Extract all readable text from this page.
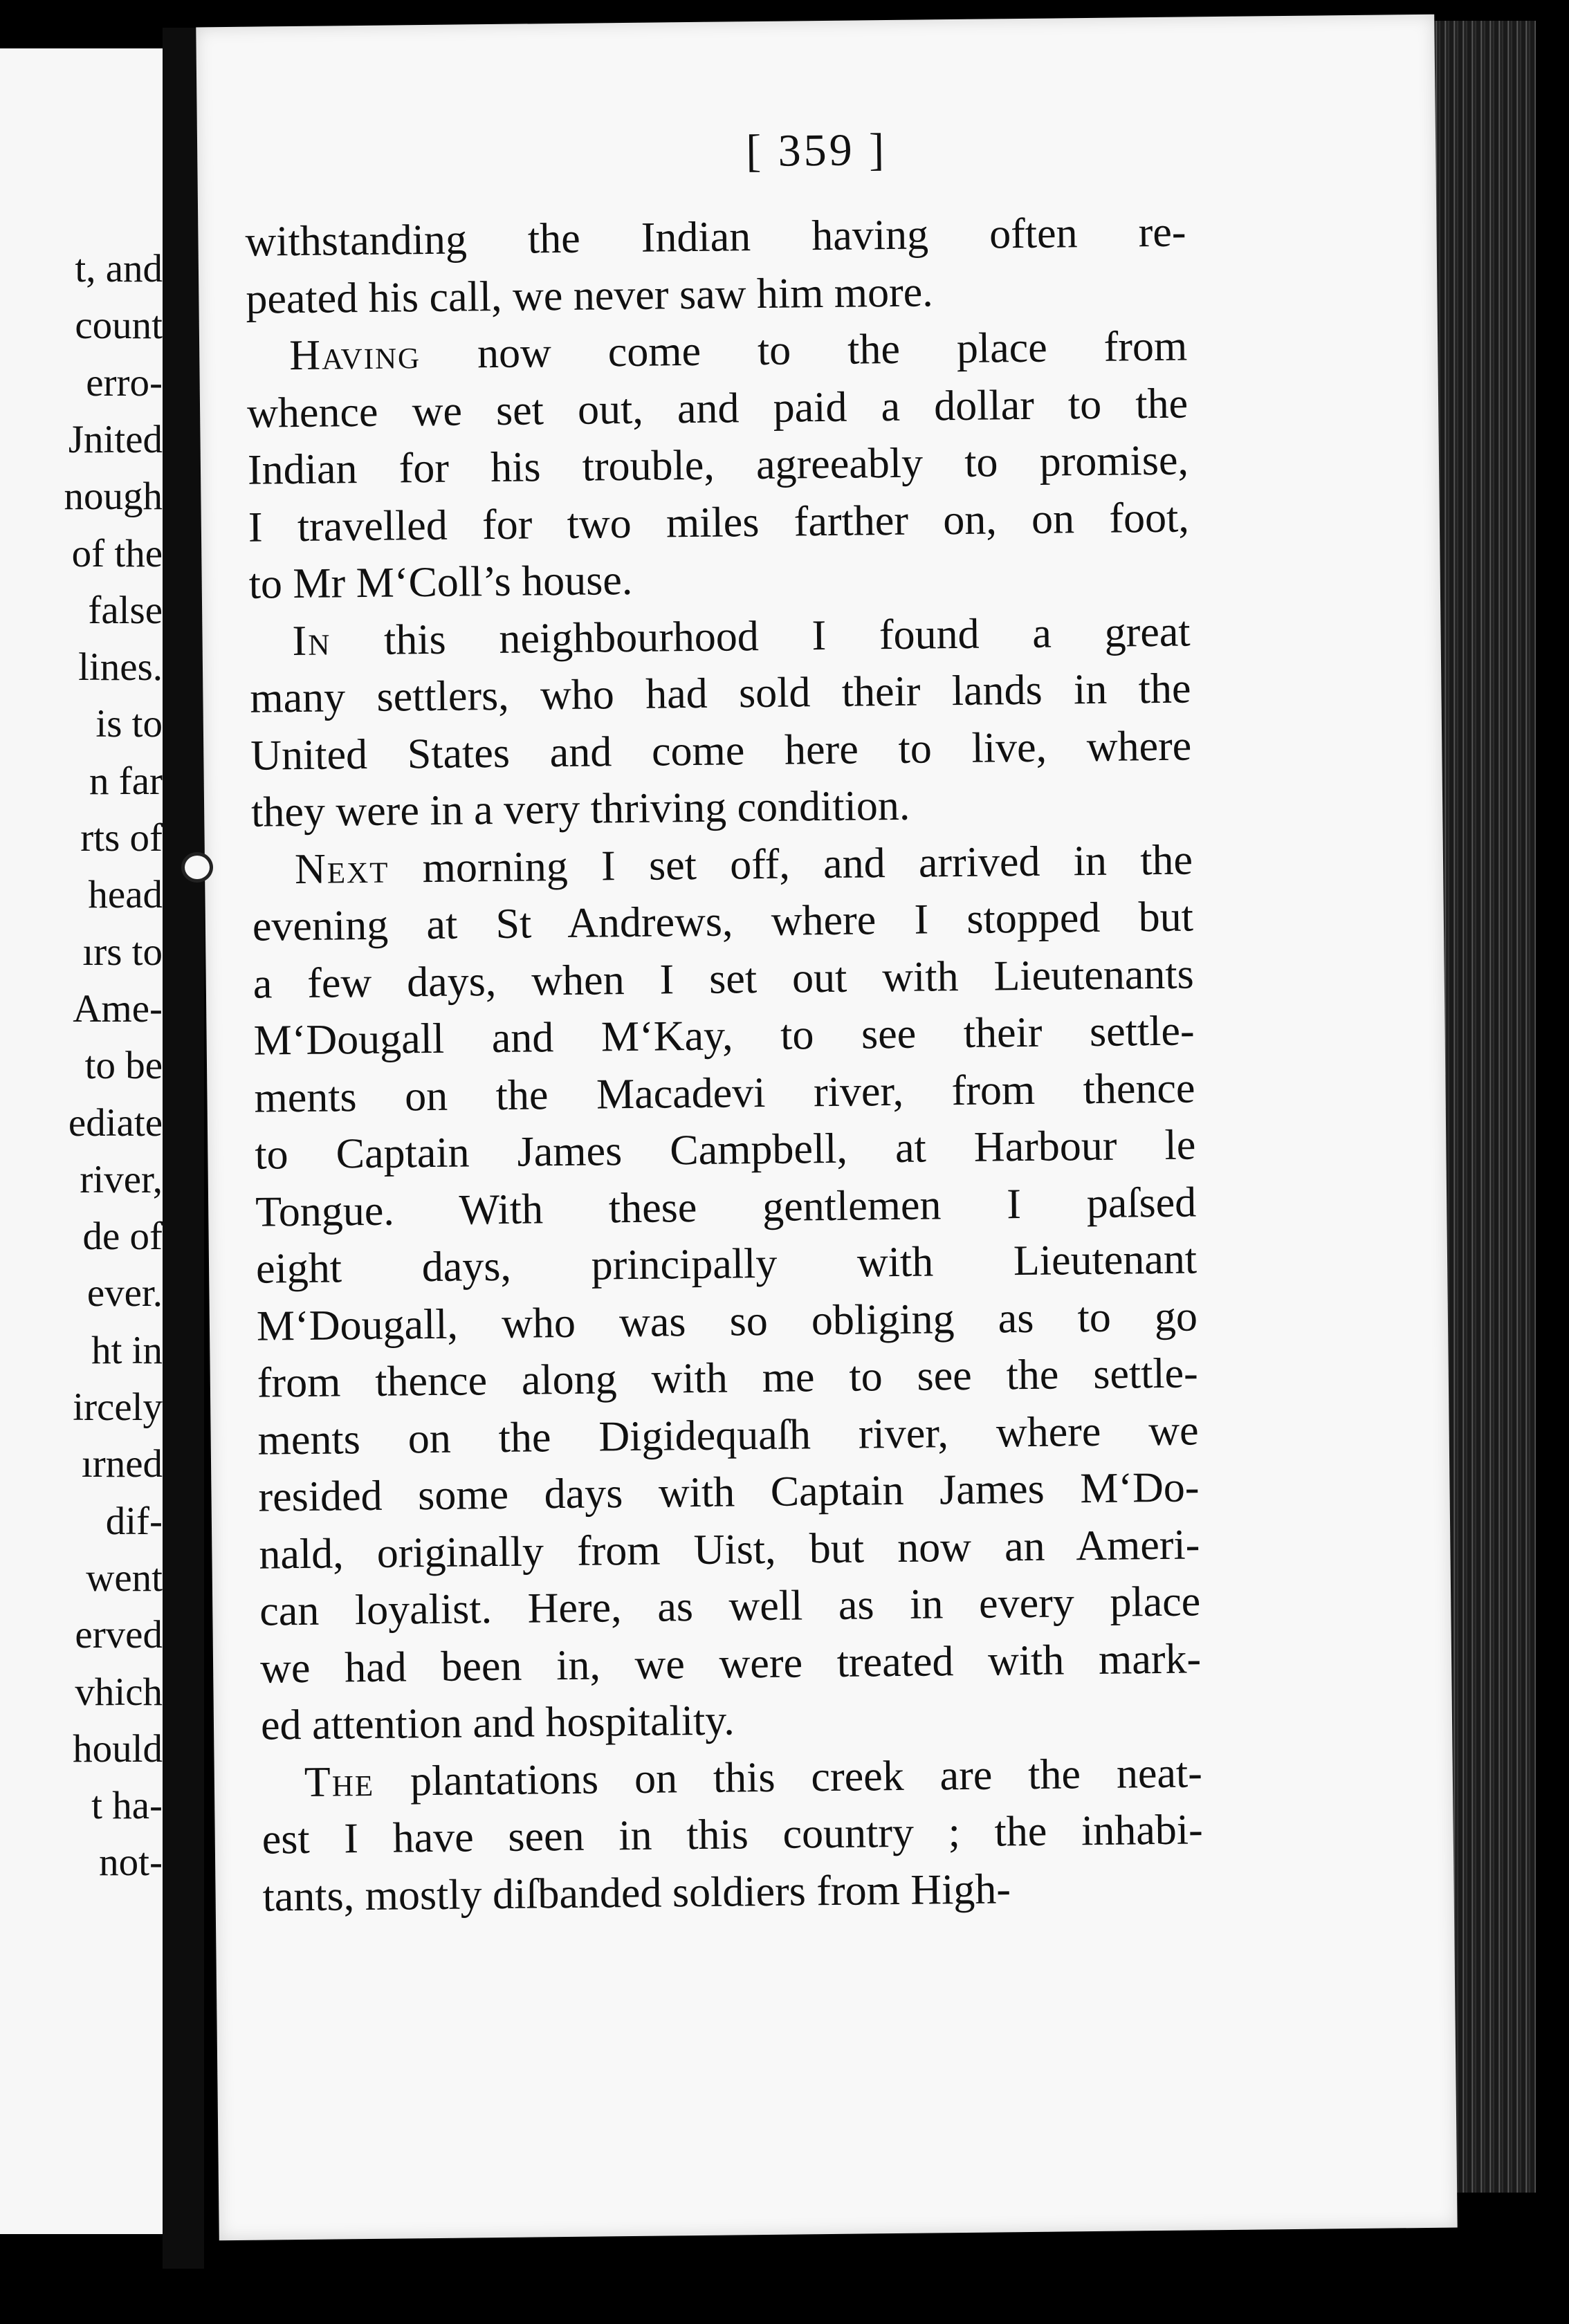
t, and
count
erro-
Jnited
nough
of the
false
lines.
is to
n far
rts of
head
ırs to
Ame-
to be
ediate
river,
de of
ever.
ht in
ircely
ırned
dif-
went
erved
vhich
hould
t ha-
not-
[ 359 ]
withstanding the Indian having often re-
peated his call, we never saw him more.
Having now come to the place from
whence we set out, and paid a dollar to the
Indian for his trouble, agreeably to promise,
I travelled for two miles farther on, on foot,
to Mr M‘Coll’s house.
In this neighbourhood I found a great
many settlers, who had sold their lands in the
United States and come here to live, where
they were in a very thriving condition.
Next morning I set off, and arrived in the
evening at St Andrews, where I stopped but
a few days, when I set out with Lieutenants
M‘Dougall and M‘Kay, to see their settle-
ments on the Macadevi river, from thence
to Captain James Campbell, at Harbour le
Tongue. With these gentlemen I paſsed
eight days, principally with Lieutenant
M‘Dougall, who was so obliging as to go
from thence along with me to see the settle-
ments on the Digidequaſh river, where we
resided some days with Captain James M‘Do-
nald, originally from Uist, but now an Ameri-
can loyalist. Here, as well as in every place
we had been in, we were treated with mark-
ed attention and hospitality.
The plantations on this creek are the neat-
est I have seen in this country ; the inhabi-
tants, mostly diſbanded soldiers from High-
